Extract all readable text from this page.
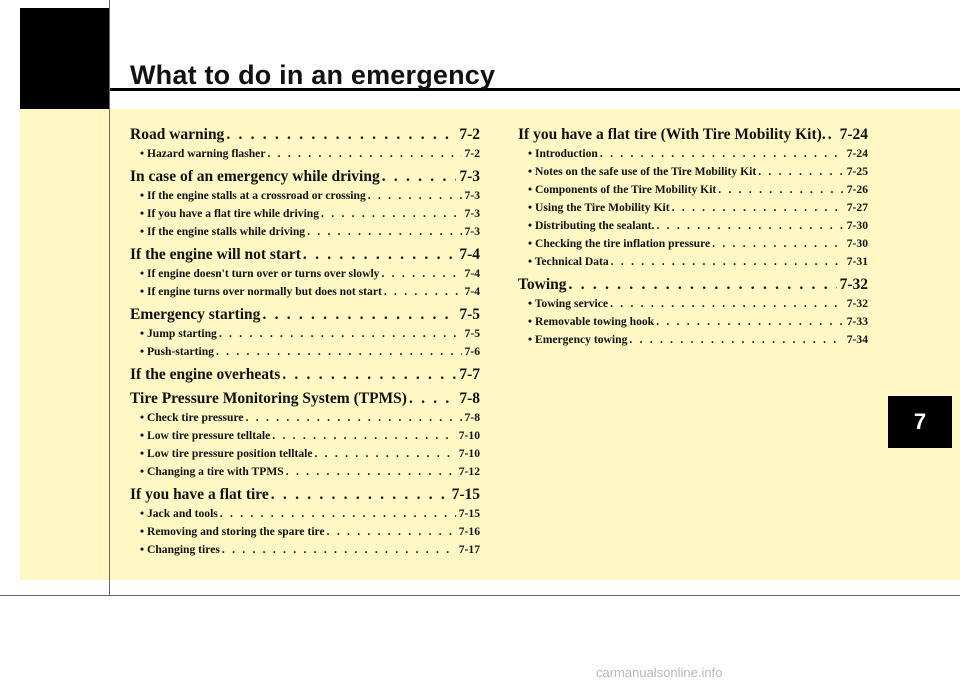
What to do in an emergency
Road warning . . .	7-2
• Hazard warning flasher . . .	7-2
In case of an emergency while driving . . .	7-3
• If the engine stalls at a crossroad or crossing . . .	7-3
• If you have a flat tire while driving . . .	7-3
• If the engine stalls while driving . . .	7-3
If the engine will not start . . .	7-4
• If engine doesn't turn over or turns over slowly . . .	7-4
• If engine turns over normally but does not start . . .	7-4
Emergency starting . . .	7-5
• Jump starting . . .	7-5
• Push-starting . . .	7-6
If the engine overheats . . .	7-7
Tire Pressure Monitoring System (TPMS) . . .	7-8
• Check tire pressure . . .	7-8
• Low tire pressure telltale . . .	7-10
• Low tire pressure position telltale . . .	7-10
• Changing a tire with TPMS . . .	7-12
If you have a flat tire . . .	7-15
• Jack and tools . . .	7-15
• Removing and storing the spare tire . . .	7-16
• Changing tires . . .	7-17
If you have a flat tire (With Tire Mobility Kit). . . . 7-24
• Introduction . . .	7-24
• Notes on the safe use of the Tire Mobility Kit . . .	7-25
• Components of the Tire Mobility Kit . . .	7-26
• Using the Tire Mobility Kit . . .	7-27
• Distributing the sealant. . . .	7-30
• Checking the tire inflation pressure . . .	7-30
• Technical Data . . .	7-31
Towing . . .	7-32
• Towing service . . .	7-32
• Removable towing hook . . .	7-33
• Emergency towing . . .	7-34
7
carmanualsonline.info
